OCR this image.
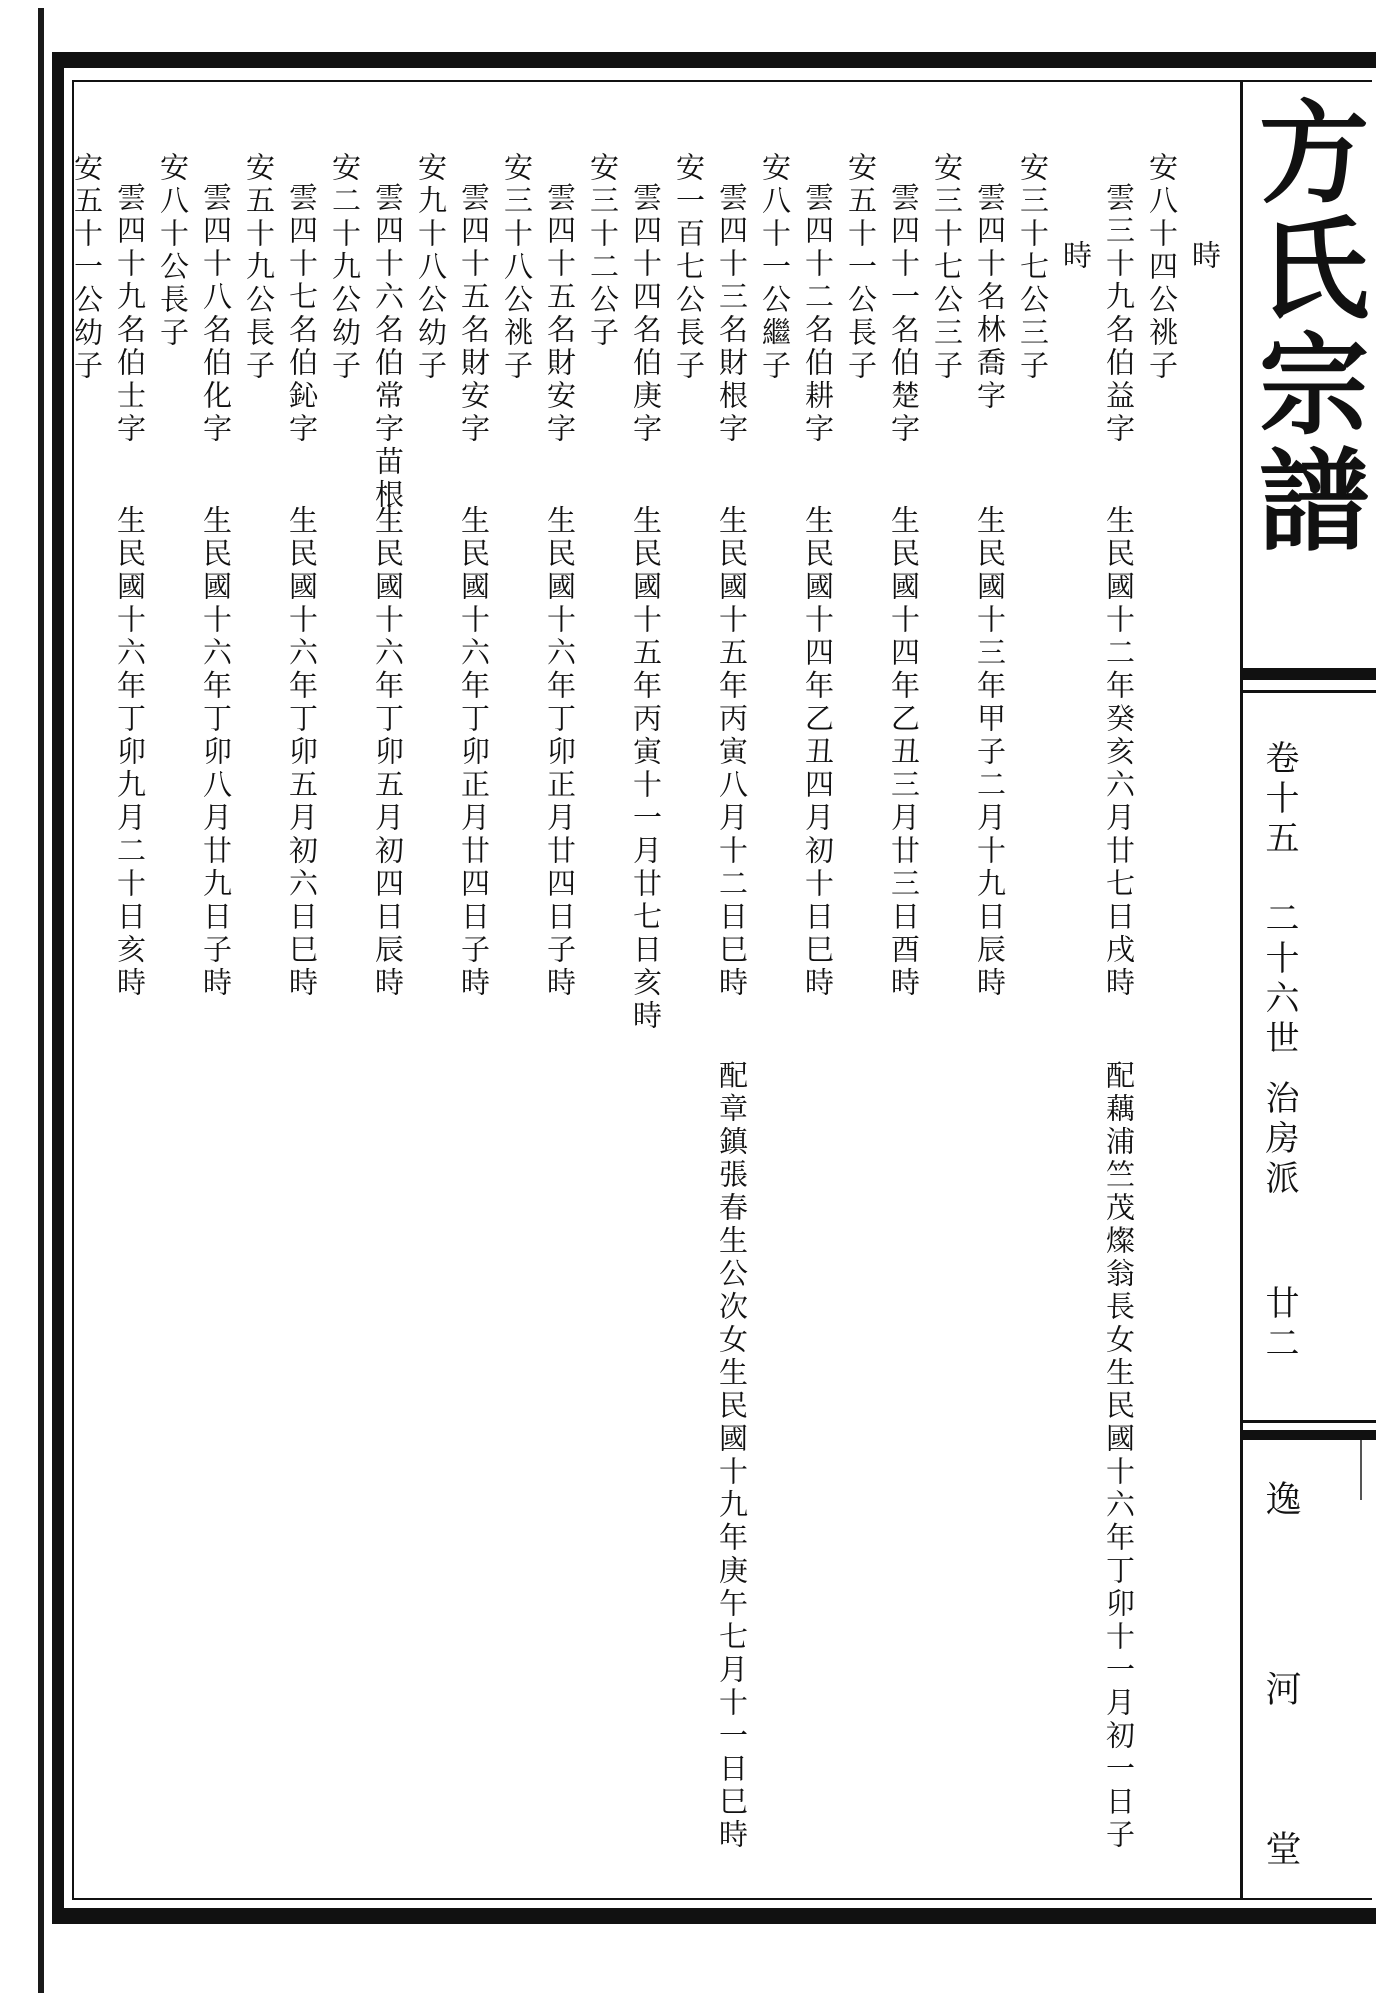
方氏宗譜
卷十五
二十六世
治房派
廿二
逸
河
堂
時
安八十四公祧子
雲三十九名伯益字
生民國十二年癸亥六月廿七日戌時
配藕浦竺茂燦翁長女生民國十六年丁卯十一月初一日子
時
安三十七公三子
雲四十名林喬字
生民國十三年甲子二月十九日辰時
安三十七公三子
雲四十一名伯楚字
生民國十四年乙丑三月廿三日酉時
安五十一公長子
雲四十二名伯耕字
生民國十四年乙丑四月初十日巳時
安八十一公繼子
雲四十三名財根字
生民國十五年丙寅八月十二日巳時
配章鎮張春生公次女生民國十九年庚午七月十一日巳時
安一百七公長子
雲四十四名伯庚字
生民國十五年丙寅十一月廿七日亥時
安三十二公子
雲四十五名財安字
生民國十六年丁卯正月廿四日子時
安三十八公祧子
雲四十五名財安字
生民國十六年丁卯正月廿四日子時
安九十八公幼子
雲四十六名伯常字苗根
生民國十六年丁卯五月初四日辰時
安二十九公幼子
雲四十七名伯鈊字
生民國十六年丁卯五月初六日巳時
安五十九公長子
雲四十八名伯化字
生民國十六年丁卯八月廿九日子時
安八十公長子
雲四十九名伯士字
生民國十六年丁卯九月二十日亥時
安五十一公幼子
